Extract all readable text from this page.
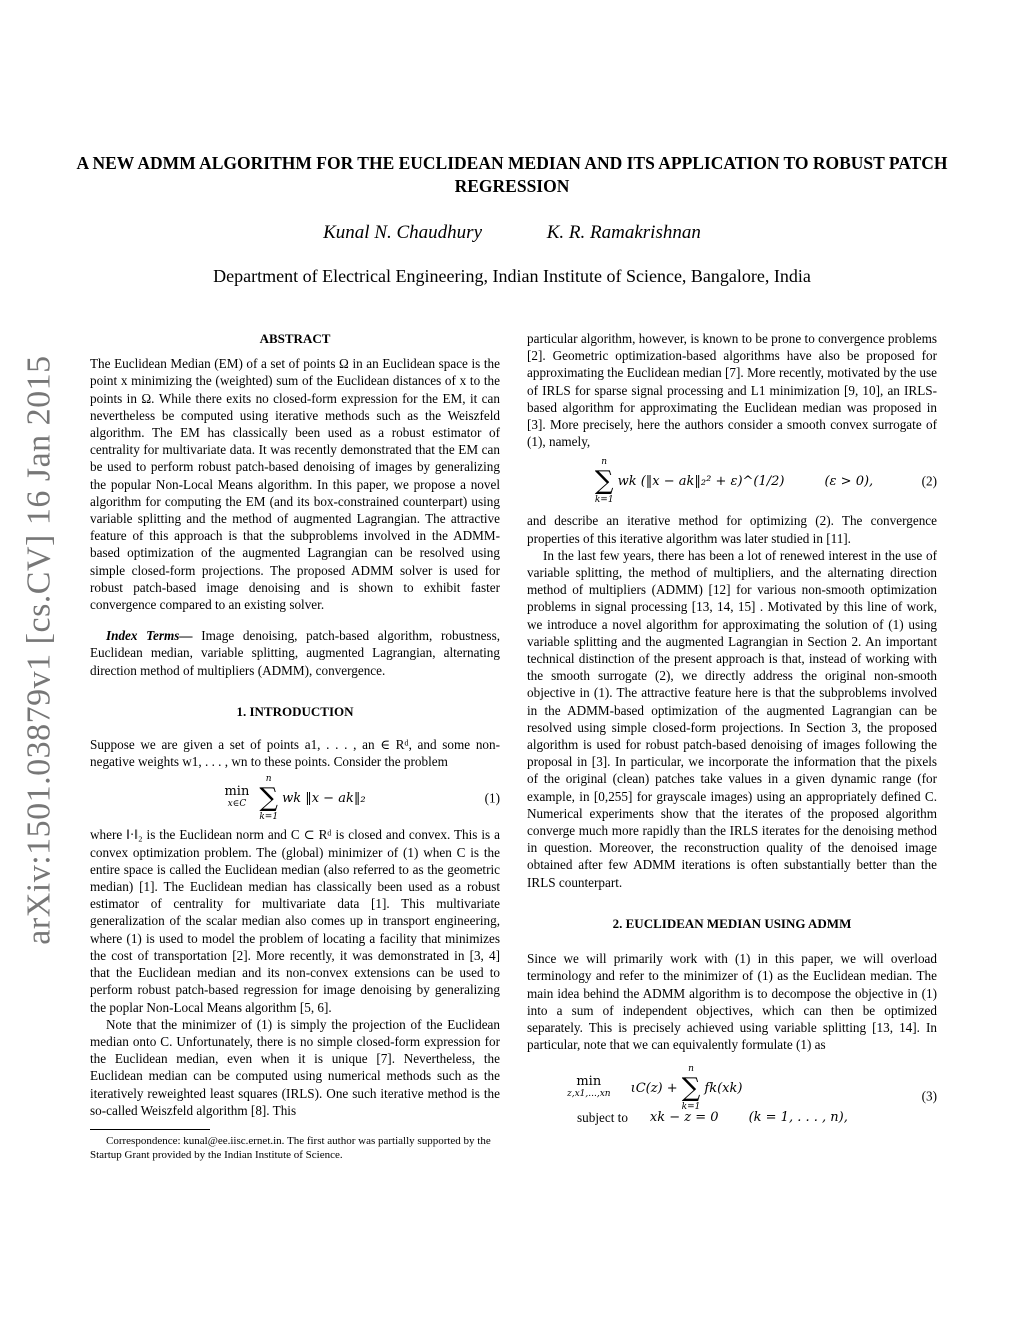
arXiv:1501.03879v1 [cs.CV] 16 Jan 2015
A NEW ADMM ALGORITHM FOR THE EUCLIDEAN MEDIAN AND ITS APPLICATION TO ROBUST PATCH REGRESSION
Kunal N. Chaudhury	K. R. Ramakrishnan
Department of Electrical Engineering, Indian Institute of Science, Bangalore, India
ABSTRACT

The Euclidean Median (EM) of a set of points Ω in an Euclidean space is the point x minimizing the (weighted) sum of the Euclidean distances of x to the points in Ω. While there exits no closed-form expression for the EM, it can nevertheless be computed using iterative methods such as the Weiszfeld algorithm. The EM has classically been used as a robust estimator of centrality for multivariate data. It was recently demonstrated that the EM can be used to perform robust patch-based denoising of images by generalizing the popular Non-Local Means algorithm. In this paper, we propose a novel algorithm for computing the EM (and its box-constrained counterpart) using variable splitting and the method of augmented Lagrangian. The attractive feature of this approach is that the subproblems involved in the ADMM-based optimization of the augmented Lagrangian can be resolved using simple closed-form projections. The proposed ADMM solver is used for robust patch-based image denoising and is shown to exhibit faster convergence compared to an existing solver.

Index Terms— Image denoising, patch-based algorithm, robustness, Euclidean median, variable splitting, augmented Lagrangian, alternating direction method of multipliers (ADMM), convergence.

1. INTRODUCTION

Suppose we are given a set of points a1, . . . , an ∈ Rᵈ, and some non-negative weights w1, . . . , wn to these points. Consider the problem

min
x∈C
n
∑
k=1
wk ‖x − ak‖₂	(1)

where ‖·‖₂ is the Euclidean norm and C ⊂ Rᵈ is closed and convex. This is a convex optimization problem. The (global) minimizer of (1) when C is the entire space is called the Euclidean median (also referred to as the geometric median) [1]. The Euclidean median has classically been used as a robust estimator of centrality for multivariate data [1]. This multivariate generalization of the scalar median also comes up in transport engineering, where (1) is used to model the problem of locating a facility that minimizes the cost of transportation [2]. More recently, it was demonstrated in [3, 4] that the Euclidean median and its non-convex extensions can be used to perform robust patch-based regression for image denoising by generalizing the poplar Non-Local Means algorithm [5, 6].

Note that the minimizer of (1) is simply the projection of the Euclidean median onto C. Unfortunately, there is no simple closed-form expression for the Euclidean median, even when it is unique [7]. Nevertheless, the Euclidean median can be computed using numerical methods such as the iteratively reweighted least squares (IRLS). One such iterative method is the so-called Weiszfeld algorithm [8]. This

Correspondence: kunal@ee.iisc.ernet.in. The first author was partially supported by the Startup Grant provided by the Indian Institute of Science.

particular algorithm, however, is known to be prone to convergence problems [2]. Geometric optimization-based algorithms have also be proposed for approximating the Euclidean median [7]. More recently, motivated by the use of IRLS for sparse signal processing and L1 minimization [9, 10], an IRLS-based algorithm for approximating the Euclidean median was proposed in [3]. More precisely, here the authors consider a smooth convex surrogate of (1), namely,

n
∑
k=1
wk (‖x − ak‖₂² + ε)^(1/2)	(ε > 0),	(2)

and describe an iterative method for optimizing (2). The convergence properties of this iterative algorithm was later studied in [11].

In the last few years, there has been a lot of renewed interest in the use of variable splitting, the method of multipliers, and the alternating direction method of multipliers (ADMM) [12] for various non-smooth optimization problems in signal processing [13, 14, 15] . Motivated by this line of work, we introduce a novel algorithm for approximating the solution of (1) using variable splitting and the augmented Lagrangian in Section 2. An important technical distinction of the present approach is that, instead of working with the smooth surrogate (2), we directly address the original non-smooth objective in (1). The attractive feature here is that the subproblems involved in the ADMM-based optimization of the augmented Lagrangian can be resolved using simple closed-form projections. In Section 3, the proposed algorithm is used for robust patch-based denoising of images following the proposal in [3]. In particular, we incorporate the information that the pixels of the original (clean) patches take values in a given dynamic range (for example, in [0,255] for grayscale images) using an appropriately defined C. Numerical experiments show that the iterates of the proposed algorithm converge much more rapidly than the IRLS iterates for the denoising method in question. Moreover, the reconstruction quality of the denoised image obtained after few ADMM iterations is often substantially better than the IRLS counterpart.

2. EUCLIDEAN MEDIAN USING ADMM

Since we will primarily work with (1) in this paper, we will overload terminology and refer to the minimizer of (1) as the Euclidean median. The main idea behind the ADMM algorithm is to decompose the objective in (1) into a sum of independent objectives, which can then be optimized separately. This is precisely achieved using variable splitting [13, 14]. In particular, note that we can equivalently formulate (1) as

min
z,x1,...,xn ιC(z) +
n
∑
k=1
fk(xk)
subject to xk − z = 0 (k = 1, . . . , n),
(3)
